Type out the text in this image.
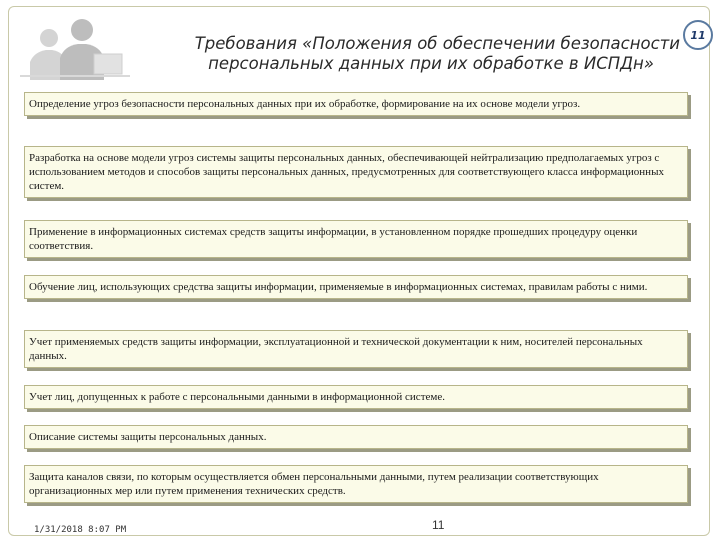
Требования «Положения об обеспечении безопасности
персональных данных при их обработке в ИСПДн»
11
Определение угроз безопасности персональных данных при их обработке, формирование на их основе модели угроз.
Разработка на основе модели угроз системы защиты персональных данных, обеспечивающей нейтрализацию предполагаемых угроз с использованием методов и способов защиты персональных данных, предусмотренных для соответствующего класса информационных систем.
Применение в информационных системах средств защиты информации, в установленном порядке прошедших процедуру оценки соответствия.
Обучение лиц, использующих средства защиты информации, применяемые в информационных системах, правилам работы с ними.
Учет применяемых средств защиты информации, эксплуатационной и технической документации к ним, носителей персональных данных.
Учет лиц, допущенных к работе с персональными данными в информационной системе.
Описание системы защиты персональных данных.
Защита каналов связи, по которым осуществляется обмен персональными данными, путем реализации соответствующих организационных мер или путем применения технических средств.
1/31/2018 8:07 PM	11
